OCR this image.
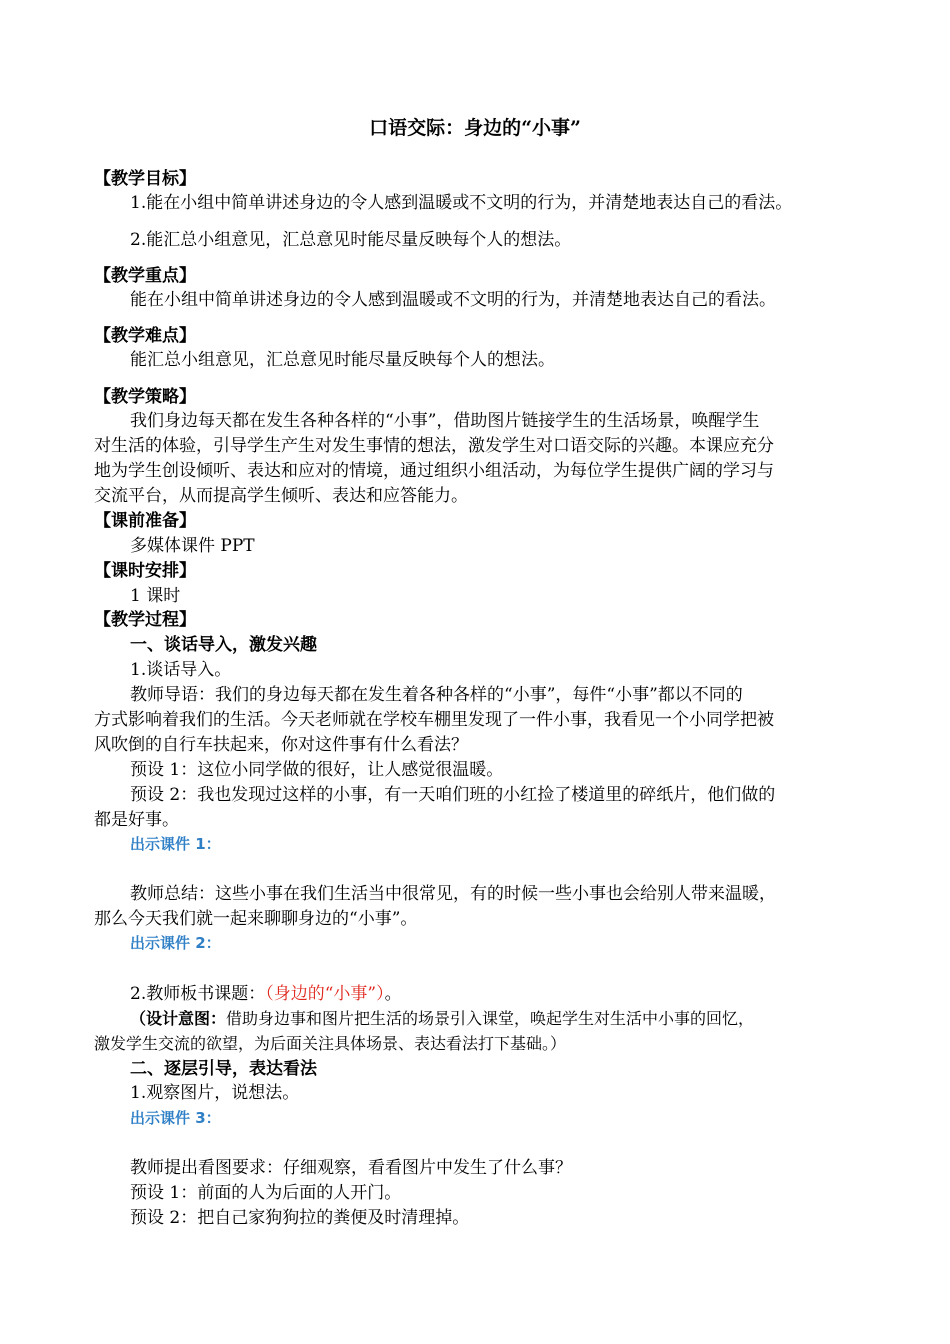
口语交际：身边的“小事”
【教学目标】
1.能在小组中简单讲述身边的令人感到温暖或不文明的行为，并清楚地表达自己的看法。
2.能汇总小组意见，汇总意见时能尽量反映每个人的想法。
【教学重点】
能在小组中简单讲述身边的令人感到温暖或不文明的行为，并清楚地表达自己的看法。
【教学难点】
能汇总小组意见，汇总意见时能尽量反映每个人的想法。
【教学策略】
我们身边每天都在发生各种各样的“小事”，借助图片链接学生的生活场景，唤醒学生
对生活的体验，引导学生产生对发生事情的想法，激发学生对口语交际的兴趣。本课应充分
地为学生创设倾听、表达和应对的情境，通过组织小组活动，为每位学生提供广阔的学习与
交流平台，从而提高学生倾听、表达和应答能力。
【课前准备】
多媒体课件 PPT
【课时安排】
1 课时
【教学过程】
一、谈话导入，激发兴趣
1.谈话导入。
教师导语：我们的身边每天都在发生着各种各样的“小事”，每件“小事”都以不同的
方式影响着我们的生活。今天老师就在学校车棚里发现了一件小事，我看见一个小同学把被
风吹倒的自行车扶起来，你对这件事有什么看法？
预设 1：这位小同学做的很好，让人感觉很温暖。
预设 2：我也发现过这样的小事，有一天咱们班的小红捡了楼道里的碎纸片，他们做的
都是好事。
出示课件 1：
教师总结：这些小事在我们生活当中很常见，有的时候一些小事也会给别人带来温暖，
那么今天我们就一起来聊聊身边的“小事”。
出示课件 2：
2.教师板书课题：（身边的“小事”）。
（设计意图：借助身边事和图片把生活的场景引入课堂，唤起学生对生活中小事的回忆，
激发学生交流的欲望，为后面关注具体场景、表达看法打下基础。）
二、逐层引导，表达看法
1.观察图片，说想法。
出示课件 3：
教师提出看图要求：仔细观察，看看图片中发生了什么事？
预设 1：前面的人为后面的人开门。
预设 2：把自己家狗狗拉的粪便及时清理掉。
